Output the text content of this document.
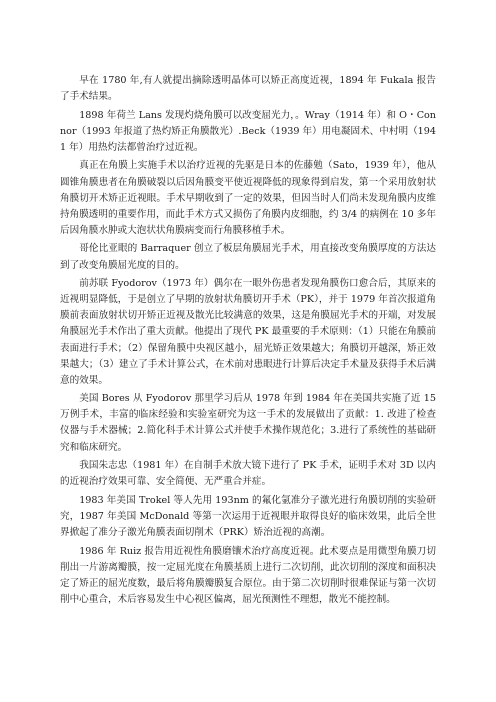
早在 1780 年,有人就提出摘除透明晶体可以矫正高度近视，1894 年 Fukala 报告了手术结果。

1898 年荷兰 Lans 发现灼烧角膜可以改变屈光力，。Wray（1914 年）和 O・Connor（1993 年报道了热灼矫正角膜散光）.Beck（1939 年）用电凝固术、中村明（1941 年）用热灼法都曾治疗过近视。

真正在角膜上实施手术以治疗近视的先驱是日本的佐藤勉（Sato，1939 年），他从圆锥角膜患者在角膜破裂以后因角膜变平使近视降低的现象得到启发，第一个采用放射状角膜切开术矫正近视眼。手术早期收到了一定的效果，但因当时人们尚未发现角膜内皮维持角膜透明的重要作用，而此手术方式又损伤了角膜内皮细胞，约 3/4 的病例在 10 多年后因角膜水肿或大泡状状角膜病变而行角膜移植手术。

哥伦比亚眼的 Barraquer 创立了板层角膜屈光手术，用直接改变角膜厚度的方法达到了改变角膜屈光度的目的。

前苏联 Fyodorov（1973 年）偶尔在一眼外伤患者发现角膜伤口愈合后，其原来的近视明显降低，于是创立了早期的放射状角膜切开手术（PK），并于 1979 年首次报道角膜前表面放射状切开矫正近视及散光比较满意的效果，这是角膜屈光手术的开端，对发展角膜屈光手术作出了重大贡献。他提出了现代 PK 最重要的手术原则：（1）只能在角膜前表面进行手术；（2）保留角膜中央视区越小，屈光矫正效果越大；角膜切开越深，矫正效果越大；（3）建立了手术计算公式，在术前对患眼进行计算后决定手术量及获得手术后满意的效果。

美国 Bores 从 Fyodorov 那里学习后从 1978 年到 1984 年在美国共实施了近 15 万例手术，丰富的临床经验和实验室研究为这一手术的发展做出了贡献：1. 改进了检查仪器与手术器械；2.简化科手术计算公式并使手术操作规范化；3.进行了系统性的基础研究和临床研究。

我国朱志忠（1981 年）在自制手术放大镜下进行了 PK 手术，证明手术对 3D 以内的近视治疗效果可靠、安全简便、无严重合并症。

1983 年美国 Trokel 等人先用 193nm 的氟化氩准分子激光进行角膜切削的实验研究，1987 年美国 McDonald 等第一次运用于近视眼并取得良好的临床效果，此后全世界掀起了准分子激光角膜表面切削术（PRK）矫治近视的高潮。

1986 年 Ruiz 报告用近视性角膜磨镶术治疗高度近视。此术要点是用微型角膜刀切削出一片游离瓣膜，按一定屈光度在角膜基质上进行二次切削，此次切削的深度和面积决定了矫正的屈光度数，最后将角膜瓣膜复合原位。由于第二次切削时很难保证与第一次切削中心重合，术后容易发生中心视区偏离，屈光预测性不理想，散光不能控制。
